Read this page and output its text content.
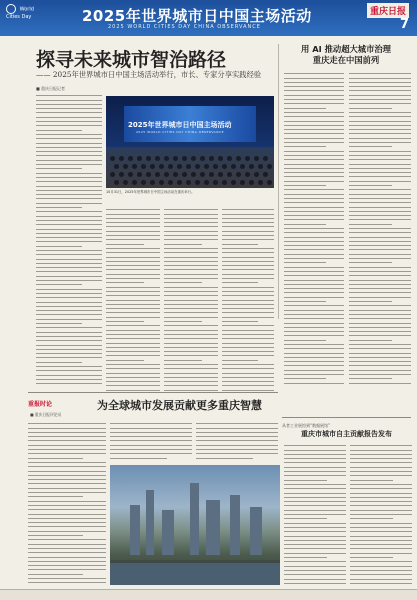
World Cities Day	2025年世界城市日中国主场活动
2025 WORLD CITIES DAY CHINA OBSERVANCE
重庆日报
7
探寻未来城市智治路径
—— 2025年世界城市日中国主场活动举行，市长、专家分享实践经验
用 AI 推动超大城市治理
重庆走在中国前列
■ 重庆日报记者
2025年世界城市日中国主场活动
2025 WORLD CITIES DAY CHINA OBSERVANCE
10月31日，2025年世界城市日中国主场活动在重庆举行。
重报时论	为全球城市发展贡献更多重庆智慧
■ 重庆日报评论员
从者工业展馆到“数据展馆”
重庆市城市自主贡献报告发布
